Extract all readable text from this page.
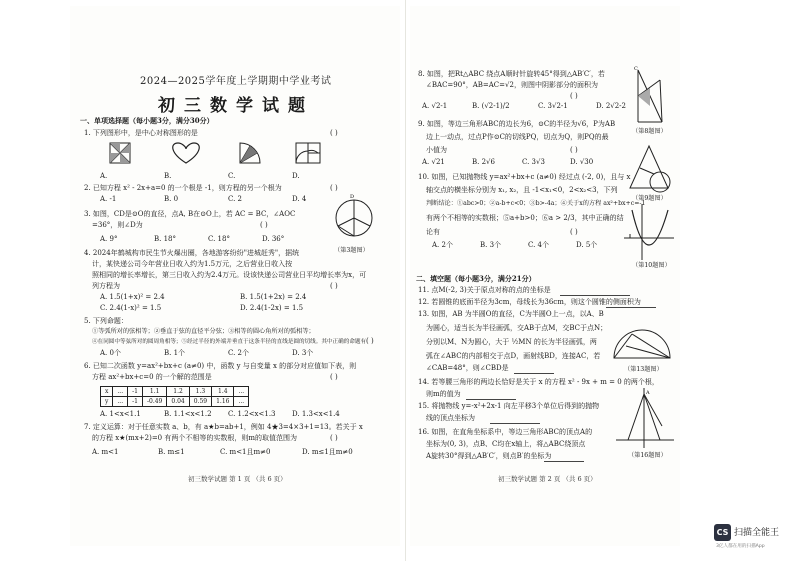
2024—2025学年度上学期期中学业考试
初三数学试题
一、单项选择题（每小题3分，满分30分）
1. 下列图形中，是中心对称图形的是	( )
A.	B.	C.	D.
2. 已知方程 x² - 2x+a=0 的一个根是 -1，则方程的另一个根为	( )
A. -1	B. 0	C. 2	D. 4
3. 如图，CD是⊙O的直径，点A, B在⊙O上，若 AC = BC，∠AOC
=36°，则∠D为	( )
A. 9°	B. 18°	C. 18°	D. 36°
D
（第3题图）
4. 2024年鹤城构市民生节火爆出圈，各地游客纷纷"进城赶秀"，据统
计，某快递公司今年营业日收入约为1.5万元，之后营业日收入按
照相同的增长率增长，第三日收入约为2.4万元。设该快递公司营业日平均增长率为x，可
列方程为	( )
A. 1.5(1+x)² = 2.4	B. 1.5(1+2x) = 2.4
C. 2.4(1-x)² = 1.5	D. 2.4(1-2x) = 1.5
5. 下列命题：
①等弧所对的弦相等；②垂直于弦的直径平分弦；③相等的圆心角所对的弧相等；
④在同圆中等弦所对的圆周角相等；⑤经过半径的外端并垂直于这条半径的直线是圆的切线。其中正确的命题有 ( )
A. 0个	B. 1个	C. 2个	D. 3个
6. 已知二次函数 y=ax²+bx+c (a≠0) 中，函数 y 与自变量 x 的部分对应值如下表，则
方程 ax²+bx+c=0 的一个解的范围是	( )
x	...	-1	1.1	1.2	1.3	1.4	...
y	...	-1	-0.49	0.04	0.59	1.16	...
A. 1<x<1.1	B. 1.1<x<1.2 C. 1.2<x<1.3 D. 1.3<x<1.4
7. 定义运算：对于任意实数 a、b，有 a★b=ab+1，例如 4★3=4×3+1=13。若关于 x
的方程 x★(mx+2)=0 有两个不相等的实数根，则m的取值范围为	( )
A. m<1	B. m≤1	C. m<1且m≠0	D. m≤1且m≠0
初三数学试题 第 1 页 （共 6 页）
8. 如图，把Rt△ABC 绕点A顺时针旋转45°得到△AB′C′，若
∠BAC=90°，AB=AC=√2，则图中阴影部分的面积为
( )
A. √2-1	B. (√2-1)/2	C. 3√2-1	D. 2√2-2
C
（第8题图）
9. 如图，等边三角形ABC的边长为6，⊙C的半径为√6，P为AB
边上一动点，过点P作⊙C的切线PQ，切点为Q，则PQ的最
小值为	( )
A. √21	B. 2√6	C. 3√3	D. √30
（第9题图）
10. 如图，已知抛物线 y=ax²+bx+c (a≠0) 经过点 (-2, 0)，且与 x
轴交点的横坐标分别为 x₁, x₂，且 -1<x₁<0，2<x₂<3，下列
判断结论：①abc>0；②a-b+c<0；③b>-4a；④关于x的方程 ax²+bx+c=-1
有两个不相等的实数根；⑤a+b>0；⑥a > 2/3，其中正确的结
论有	( )
A. 2个	B. 3个	C. 4个	D. 5个
（第10题图）
二、填空题（每小题3分，满分21分）
11. 点M(-2, 3)关于原点对称的点的坐标是
12. 若圆锥的底面半径为3cm，母线长为36cm，则这个圆锥的侧面积为
13. 如图，AB 为半圆O的直径，C为半圆O上一点，以A、B
为圆心，适当长为半径画弧，交AB于点M，交BC于点N；
分别以M、N为圆心，大于 ½MN 的长为半径画弧，两
弧在∠ABC的内部相交于点D，画射线BD，连接AC，若
∠CAB=48°，则∠CBD是	（第13题图）
14. 若等腰三角形的两边长恰好是关于 x 的方程 x² - 9x + m = 0 的两个根，
则m的值为
15. 将抛物线 y=-x²+2x-1 向左平移3个单位后得到的抛物
线的顶点坐标为
16. 如图，在直角坐标系中，等边三角形ABC的顶点A的
坐标为(0, 3)，点B、C均在x轴上，将△ABC绕顶点
A旋转30°得到△AB′C′，则点B′的坐标为
A
（第16题图）
初三数学试题 第 2 页 （共 6 页）
CS 扫描全能王
3亿人都在用的扫描App
